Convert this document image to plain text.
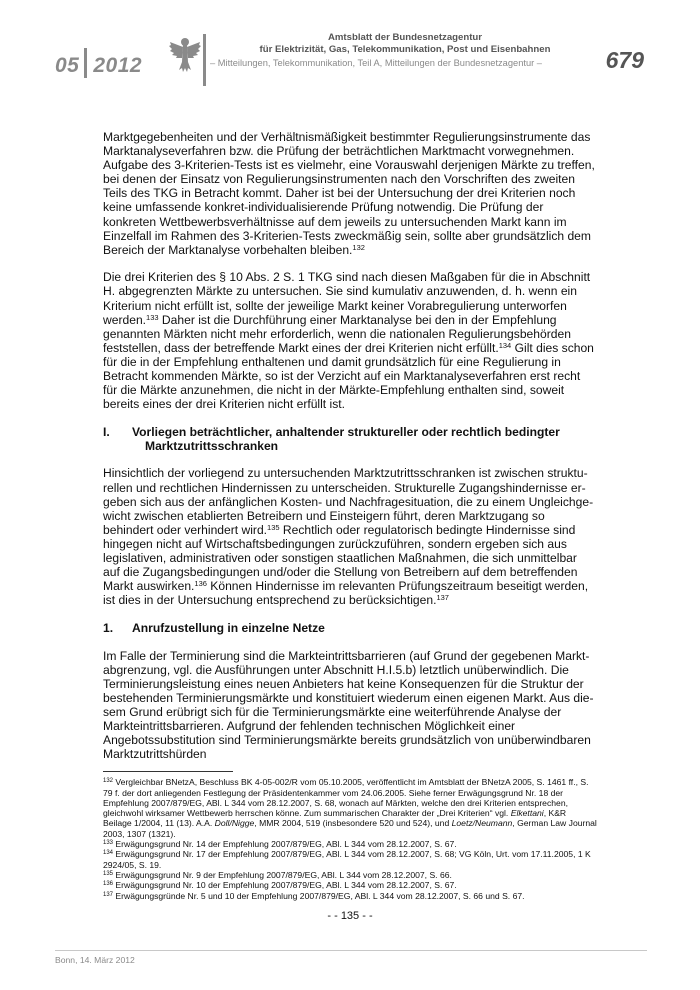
05 2012
Amtsblatt der Bundesnetzagentur
für Elektrizität, Gas, Telekommunikation, Post und Eisenbahnen
– Mitteilungen, Telekommunikation, Teil A, Mitteilungen der Bundesnetzagentur –	679

Marktgegebenheiten und der Verhältnismäßigkeit bestimmter Regulierungsinstrumente das Marktanalyseverfahren bzw. die Prüfung der beträchtlichen Marktmacht vorwegnehmen. Aufgabe des 3-Kriterien-Tests ist es vielmehr, eine Vorauswahl derjenigen Märkte zu treffen, bei denen der Einsatz von Regulierungsinstrumenten nach den Vorschriften des zweiten Teils des TKG in Betracht kommt. Daher ist bei der Untersuchung der drei Kriterien noch keine umfassende konkret-individualisierende Prüfung notwendig. Die Prüfung der konkreten Wettbewerbsverhältnisse auf dem jeweils zu untersuchenden Markt kann im Einzelfall im Rahmen des 3-Kriterien-Tests zweckmäßig sein, sollte aber grundsätzlich dem Bereich der Marktanalyse vorbehalten bleiben.$^{132}$

Die drei Kriterien des § 10 Abs. 2 S. 1 TKG sind nach diesen Maßgaben für die in Abschnitt H. abgegrenzten Märkte zu untersuchen. Sie sind kumulativ anzuwenden, d. h. wenn ein Kriterium nicht erfüllt ist, sollte der jeweilige Markt keiner Vorabregulierung unterworfen werden.$^{133}$ Daher ist die Durchführung einer Marktanalyse bei den in der Empfehlung genannten Märkten nicht mehr erforderlich, wenn die nationalen Regulierungsbehörden feststellen, dass der betreffende Markt eines der drei Kriterien nicht erfüllt.$^{134}$ Gilt dies schon für die in der Empfehlung enthaltenen und damit grundsätzlich für eine Regulierung in Betracht kommenden Märkte, so ist der Verzicht auf ein Marktanalyseverfahren erst recht für die Märkte anzunehmen, die nicht in der Märkte-Empfehlung enthalten sind, soweit bereits eines der drei Kriterien nicht erfüllt ist.

I. Vorliegen beträchtlicher, anhaltender struktureller oder rechtlich bedingter
Marktzutrittsschranken

Hinsichtlich der vorliegend zu untersuchenden Marktzutrittsschranken ist zwischen strukturellen und rechtlichen Hindernissen zu unterscheiden. Strukturelle Zugangshindernisse ergeben sich aus der anfänglichen Kosten- und Nachfragesituation, die zu einem Ungleichgewicht zwischen etablierten Betreibern und Einsteigern führt, deren Marktzugang so behindert oder verhindert wird.$^{135}$ Rechtlich oder regulatorisch bedingte Hindernisse sind hingegen nicht auf Wirtschaftsbedingungen zurückzuführen, sondern ergeben sich aus legislativen, administrativen oder sonstigen staatlichen Maßnahmen, die sich unmittelbar auf die Zugangsbedingungen und/oder die Stellung von Betreibern auf dem betreffenden Markt auswirken.$^{136}$ Können Hindernisse im relevanten Prüfungszeitraum beseitigt werden, ist dies in der Untersuchung entsprechend zu berücksichtigen.$^{137}$

1. Anrufzustellung in einzelne Netze

Im Falle der Terminierung sind die Markteintrittsbarrieren (auf Grund der gegebenen Marktabgrenzung, vgl. die Ausführungen unter Abschnitt H.I.5.b) letztlich unüberwindlich. Die Terminierungsleistung eines neuen Anbieters hat keine Konsequenzen für die Struktur der bestehenden Terminierungsmärkte und konstituiert wiederum einen eigenen Markt. Aus diesem Grund erübrigt sich für die Terminierungsmärkte eine weiterführende Analyse der Markteintrittsbarrieren. Aufgrund der fehlenden technischen Möglichkeit einer Angebotssubstitution sind Terminierungsmärkte bereits grundsätzlich von unüberwindbaren Marktzutrittshürden

$^{132}$ Vergleichbar BNetzA, Beschluss BK 4-05-002/R vom 05.10.2005, veröffentlicht im Amtsblatt der BNetzA 2005, S. 1461 ff., S. 79 f. der dort anliegenden Festlegung der Präsidentenkammer vom 24.06.2005. Siehe ferner Erwägungsgrund Nr. 18 der Empfehlung 2007/879/EG, ABl. L 344 vom 28.12.2007, S. 68, wonach auf Märkten, welche den drei Kriterien entsprechen, gleichwohl wirksamer Wettbewerb herrschen könne. Zum summarischen Charakter der „Drei Kriterien“ vgl. Elkettani, K&R Beilage 1/2004, 11 (13). A.A. Doll/Nigge, MMR 2004, 519 (insbesondere 520 und 524), und Loetz/Neumann, German Law Journal 2003, 1307 (1321).
$^{133}$ Erwägungsgrund Nr. 14 der Empfehlung 2007/879/EG, ABl. L 344 vom 28.12.2007, S. 67.
$^{134}$ Erwägungsgrund Nr. 17 der Empfehlung 2007/879/EG, ABl. L 344 vom 28.12.2007, S. 68; VG Köln, Urt. vom 17.11.2005, 1 K 2924/05, S. 19.
$^{135}$ Erwägungsgrund Nr. 9 der Empfehlung 2007/879/EG, ABl. L 344 vom 28.12.2007, S. 66.
$^{136}$ Erwägungsgrund Nr. 10 der Empfehlung 2007/879/EG, ABl. L 344 vom 28.12.2007, S. 67.
$^{137}$ Erwägungsgründe Nr. 5 und 10 der Empfehlung 2007/879/EG, ABl. L 344 vom 28.12.2007, S. 66 und S. 67.
- - 135 - -
Bonn, 14. März 2012
